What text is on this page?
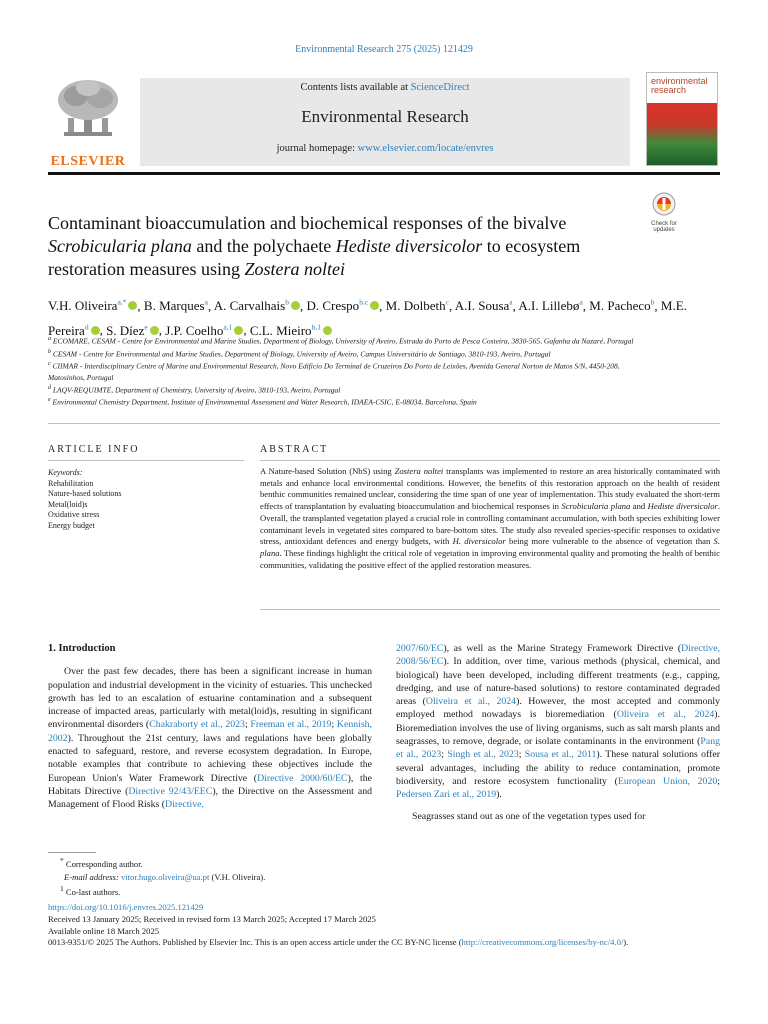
Environmental Research 275 (2025) 121429
ELSEVIER
Contents lists available at ScienceDirect
Environmental Research
journal homepage: www.elsevier.com/locate/envres
environmental
research
Check for updates
Contaminant bioaccumulation and biochemical responses of the bivalve Scrobicularia plana and the polychaete Hediste diversicolor to ecosystem restoration measures using Zostera noltei
V.H. Oliveira$^{a,*}$ , B. Marques$^a$, A. Carvalhais$^b$ , D. Crespo$^{b,c}$ , M. Dolbeth$^c$, A.I. Sousa$^a$, A.I. Lillebø$^a$, M. Pacheco$^b$, M.E. Pereira$^d$ , S. Díez$^e$ , J.P. Coelho$^{a,1}$ , C.L. Mieiro$^{b,1}$
$^a$ ECOMARE, CESAM - Centre for Environmental and Marine Studies, Department of Biology, University of Aveiro, Estrada do Porto de Pesca Costeira, 3830-565, Gafanha da Nazaré, Portugal
$^b$ CESAM - Centre for Environmental and Marine Studies, Department of Biology, University of Aveiro, Campus Universitário de Santiago, 3810-193, Aveiro, Portugal
$^c$ CIIMAR - Interdisciplinary Centre of Marine and Environmental Research, Novo Edifício Do Terminal de Cruzeiros Do Porto de Leixões, Avenida General Norton de Matos S/N, 4450-208, Matosinhos, Portugal
$^d$ LAQV-REQUIMTE, Department of Chemistry, University of Aveiro, 3810-193, Aveiro, Portugal
$^e$ Environmental Chemistry Department, Institute of Environmental Assessment and Water Research, IDAEA-CSIC, E-08034, Barcelona, Spain
ARTICLE INFO	ABSTRACT
Keywords:
Rehabilitation
Nature-based solutions
Metal(loid)s
Oxidative stress
Energy budget
A Nature-based Solution (NbS) using Zostera noltei transplants was implemented to restore an area historically contaminated with metals and enhance local environmental conditions. However, the benefits of this restoration approach on the health of resident benthic communities remained unclear, considering the time span of one year of implementation. This study evaluated the short-term effects of transplantation by evaluating bioaccumulation and biochemical responses in Scrobicularia plana and Hediste diversicolor. Overall, the transplanted vegetation played a crucial role in controlling contaminant accumulation, with both species exhibiting lower contaminant levels in vegetated sites compared to bare-bottom sites. The study also revealed species-specific responses to oxidative stress, antioxidant defences and energy budgets, with H. diversicolor being more vulnerable to the absence of vegetation than S. plana. These findings highlight the critical role of vegetation in improving environmental quality and promoting the health of benthic communities, validating the positive effect of the applied restoration measures.
1. Introduction

Over the past few decades, there has been a significant increase in human population and industrial development in the vicinity of estuaries. This unchecked growth has led to an escalation of estuarine contamination and a subsequent increase of impacted areas, particularly with metal(loid)s, resulting in significant environmental disorders (Chakraborty et al., 2023; Freeman et al., 2019; Kennish, 2002). Throughout the 21st century, laws and regulations have been globally enacted to safeguard, restore, and reverse ecosystem degradation. In Europe, notable examples that contribute to achieving these objectives include the European Union's Water Framework Directive (Directive 2000/60/EC), the Habitats Directive (Directive 92/43/EEC), the Directive on the Assessment and Management of Flood Risks (Directive,

2007/60/EC), as well as the Marine Strategy Framework Directive (Directive, 2008/56/EC). In addition, over time, various methods (physical, chemical, and biological) have been developed, including different treatments (e.g., capping, dredging, and use of nature-based solutions) to restore contaminated degraded areas (Oliveira et al., 2024). However, the most accepted and commonly employed method nowadays is bioremediation (Oliveira et al., 2024). Bioremediation involves the use of living organisms, such as salt marsh plants and seagrasses, to remove, degrade, or isolate contaminants in the environment (Pang et al., 2023; Singh et al., 2023; Sousa et al., 2011). These natural solutions offer several advantages, including the ability to reduce contamination, promote biodiversity, and restore ecosystem functionality (European Union, 2020; Pedersen Zari et al., 2019).

Seagrasses stand out as one of the vegetation types used for

* Corresponding author.
E-mail address: vitor.hugo.oliveira@ua.pt (V.H. Oliveira).
$^1$ Co-last authors.
https://doi.org/10.1016/j.envres.2025.121429
Received 13 January 2025; Received in revised form 13 March 2025; Accepted 17 March 2025
Available online 18 March 2025
0013-9351/© 2025 The Authors. Published by Elsevier Inc. This is an open access article under the CC BY-NC license (http://creativecommons.org/licenses/by-nc/4.0/).
